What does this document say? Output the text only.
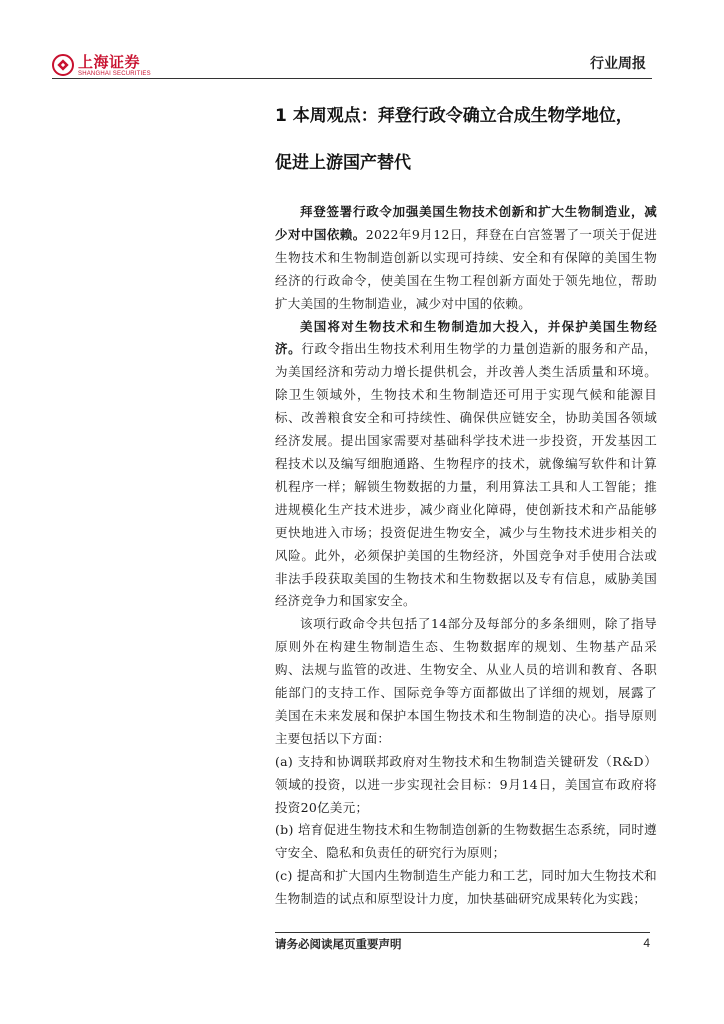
上海证券
SHANGHAI SECURITIES
行业周报
1 本周观点：拜登行政令确立合成生物学地位，
促进上游国产替代

拜登签署行政令加强美国生物技术创新和扩大生物制造业，减少对中国依赖。2022年9月12日，拜登在白宫签署了一项关于促进生物技术和生物制造创新以实现可持续、安全和有保障的美国生物经济的行政命令，使美国在生物工程创新方面处于领先地位，帮助扩大美国的生物制造业，减少对中国的依赖。

美国将对生物技术和生物制造加大投入，并保护美国生物经济。行政令指出生物技术利用生物学的力量创造新的服务和产品，为美国经济和劳动力增长提供机会，并改善人类生活质量和环境。除卫生领域外，生物技术和生物制造还可用于实现气候和能源目标、改善粮食安全和可持续性、确保供应链安全，协助美国各领域经济发展。提出国家需要对基础科学技术进一步投资，开发基因工程技术以及编写细胞通路、生物程序的技术，就像编写软件和计算机程序一样；解锁生物数据的力量，利用算法工具和人工智能；推进规模化生产技术进步，减少商业化障碍，使创新技术和产品能够更快地进入市场；投资促进生物安全，减少与生物技术进步相关的风险。此外，必须保护美国的生物经济，外国竞争对手使用合法或非法手段获取美国的生物技术和生物数据以及专有信息，威胁美国经济竞争力和国家安全。

该项行政命令共包括了14部分及每部分的多条细则，除了指导原则外在构建生物制造生态、生物数据库的规划、生物基产品采购、法规与监管的改进、生物安全、从业人员的培训和教育、各职能部门的支持工作、国际竞争等方面都做出了详细的规划，展露了美国在未来发展和保护本国生物技术和生物制造的决心。指导原则主要包括以下方面：

(a) 支持和协调联邦政府对生物技术和生物制造关键研发（R&D）领域的投资，以进一步实现社会目标：9月14日，美国宣布政府将投资20亿美元；

(b) 培育促进生物技术和生物制造创新的生物数据生态系统，同时遵守安全、隐私和负责任的研究行为原则；

(c) 提高和扩大国内生物制造生产能力和工艺，同时加大生物技术和生物制造的试点和原型设计力度，加快基础研究成果转化为实践；

请务必阅读尾页重要声明	4
